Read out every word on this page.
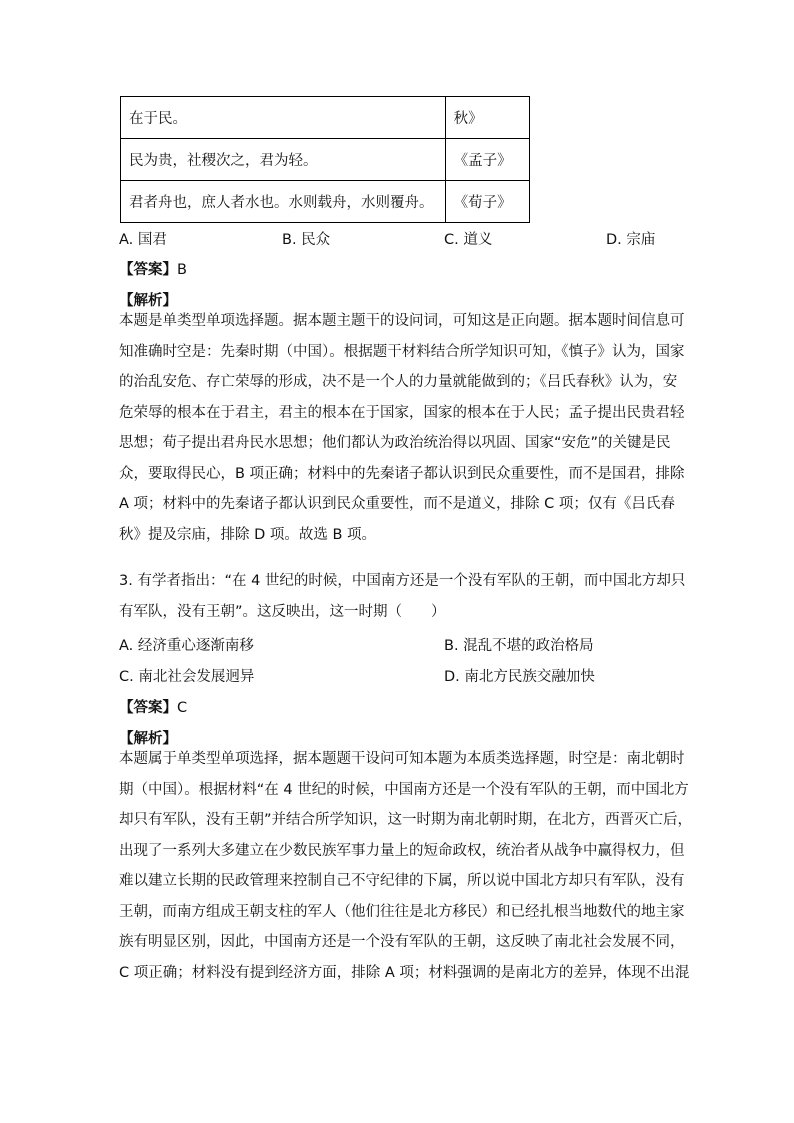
在于民。	秋》
民为贵，社稷次之，君为轻。	《孟子》
君者舟也，庶人者水也。水则载舟，水则覆舟。	《荀子》
A. 国君	B. 民众	C. 道义	D. 宗庙
【答案】B
【解析】
本题是单类型单项选择题。据本题主题干的设问词，可知这是正向题。据本题时间信息可
知准确时空是：先秦时期（中国）。根据题干材料结合所学知识可知，《慎子》认为，国家
的治乱安危、存亡荣辱的形成，决不是一个人的力量就能做到的；《吕氏春秋》认为，安
危荣辱的根本在于君主，君主的根本在于国家，国家的根本在于人民；孟子提出民贵君轻
思想；荀子提出君舟民水思想；他们都认为政治统治得以巩固、国家“安危”的关键是民
众，要取得民心，B 项正确；材料中的先秦诸子都认识到民众重要性，而不是国君，排除
A 项；材料中的先秦诸子都认识到民众重要性，而不是道义，排除 C 项；仅有《吕氏春
秋》提及宗庙，排除 D 项。故选 B 项。
3. 有学者指出：“在 4 世纪的时候，中国南方还是一个没有军队的王朝，而中国北方却只
有军队，没有王朝”。这反映出，这一时期（　　）
A. 经济重心逐渐南移	B. 混乱不堪的政治格局
C. 南北社会发展迥异	D. 南北方民族交融加快
【答案】C
【解析】
本题属于单类型单项选择，据本题题干设问可知本题为本质类选择题，时空是：南北朝时
期（中国）。根据材料“在 4 世纪的时候，中国南方还是一个没有军队的王朝，而中国北方
却只有军队，没有王朝”并结合所学知识，这一时期为南北朝时期，在北方，西晋灭亡后，
出现了一系列大多建立在少数民族军事力量上的短命政权，统治者从战争中赢得权力，但
难以建立长期的民政管理来控制自己不守纪律的下属，所以说中国北方却只有军队，没有
王朝，而南方组成王朝支柱的军人（他们往往是北方移民）和已经扎根当地数代的地主家
族有明显区别，因此，中国南方还是一个没有军队的王朝，这反映了南北社会发展不同，
C 项正确；材料没有提到经济方面，排除 A 项；材料强调的是南北方的差异，体现不出混
